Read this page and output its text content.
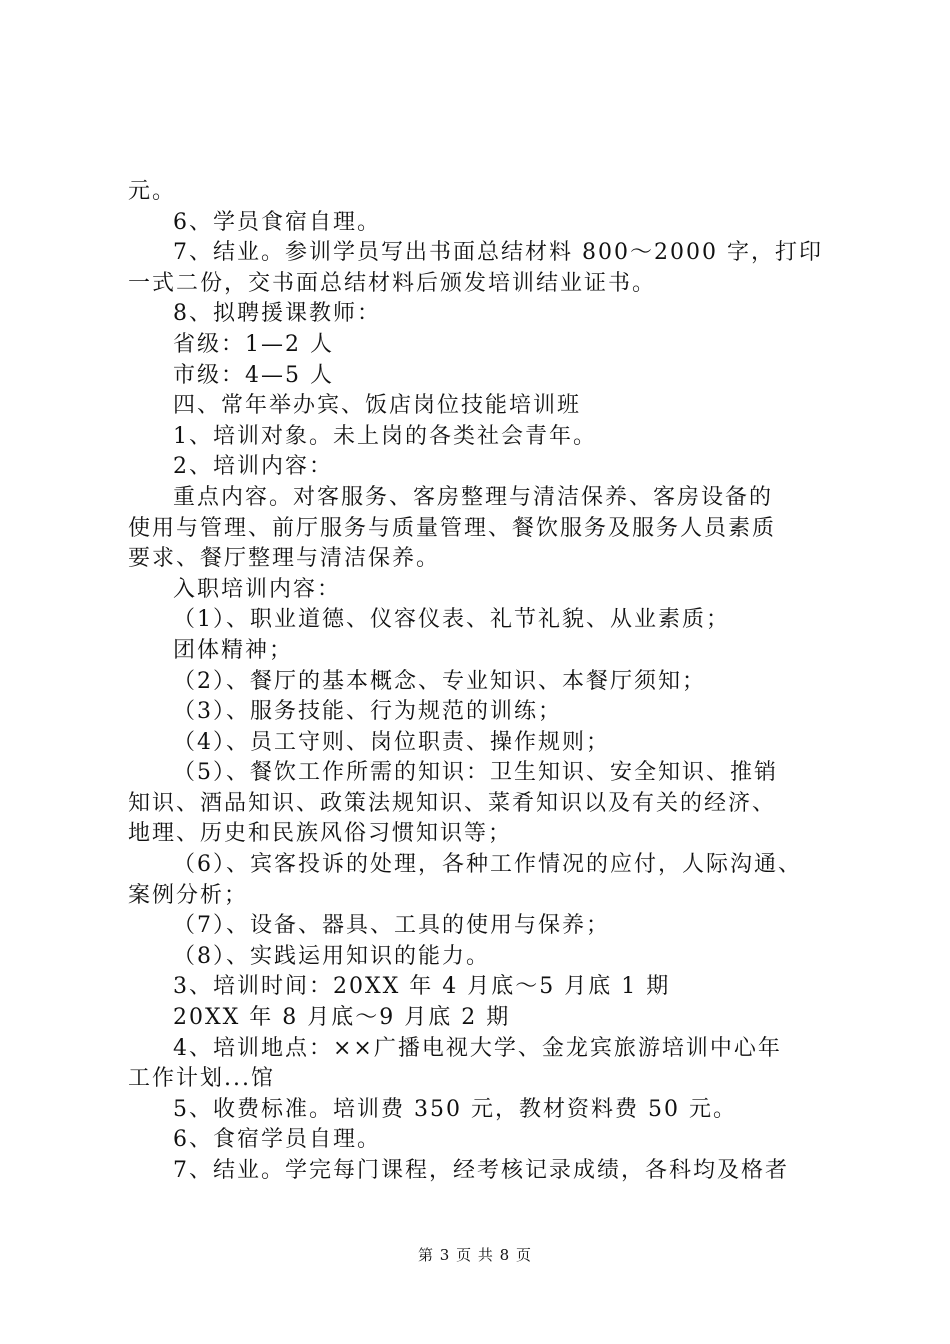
元。
6、学员食宿自理。
7、结业。参训学员写出书面总结材料 800～2000 字，打印
一式二份，交书面总结材料后颁发培训结业证书。
8、拟聘援课教师：
省级：1—2 人
市级：4—5 人
四、常年举办宾、饭店岗位技能培训班
1、培训对象。未上岗的各类社会青年。
2、培训内容：
重点内容。对客服务、客房整理与清洁保养、客房设备的
使用与管理、前厅服务与质量管理、餐饮服务及服务人员素质
要求、餐厅整理与清洁保养。
入职培训内容：
（1）、职业道德、仪容仪表、礼节礼貌、从业素质；
团体精神；
（2）、餐厅的基本概念、专业知识、本餐厅须知；
（3）、服务技能、行为规范的训练；
（4）、员工守则、岗位职责、操作规则；
（5）、餐饮工作所需的知识：卫生知识、安全知识、推销
知识、酒品知识、政策法规知识、菜肴知识以及有关的经济、
地理、历史和民族风俗习惯知识等；
（6）、宾客投诉的处理，各种工作情况的应付，人际沟通、
案例分析；
（7）、设备、器具、工具的使用与保养；
（8）、实践运用知识的能力。
3、培训时间：20XX 年 4 月底～5 月底 1 期
20XX 年 8 月底～9 月底 2 期
4、培训地点：××广播电视大学、金龙宾旅游培训中心年
工作计划...馆
5、收费标准。培训费 350 元，教材资料费 50 元。
6、食宿学员自理。
7、结业。学完每门课程，经考核记录成绩，各科均及格者
第 3 页 共 8 页
